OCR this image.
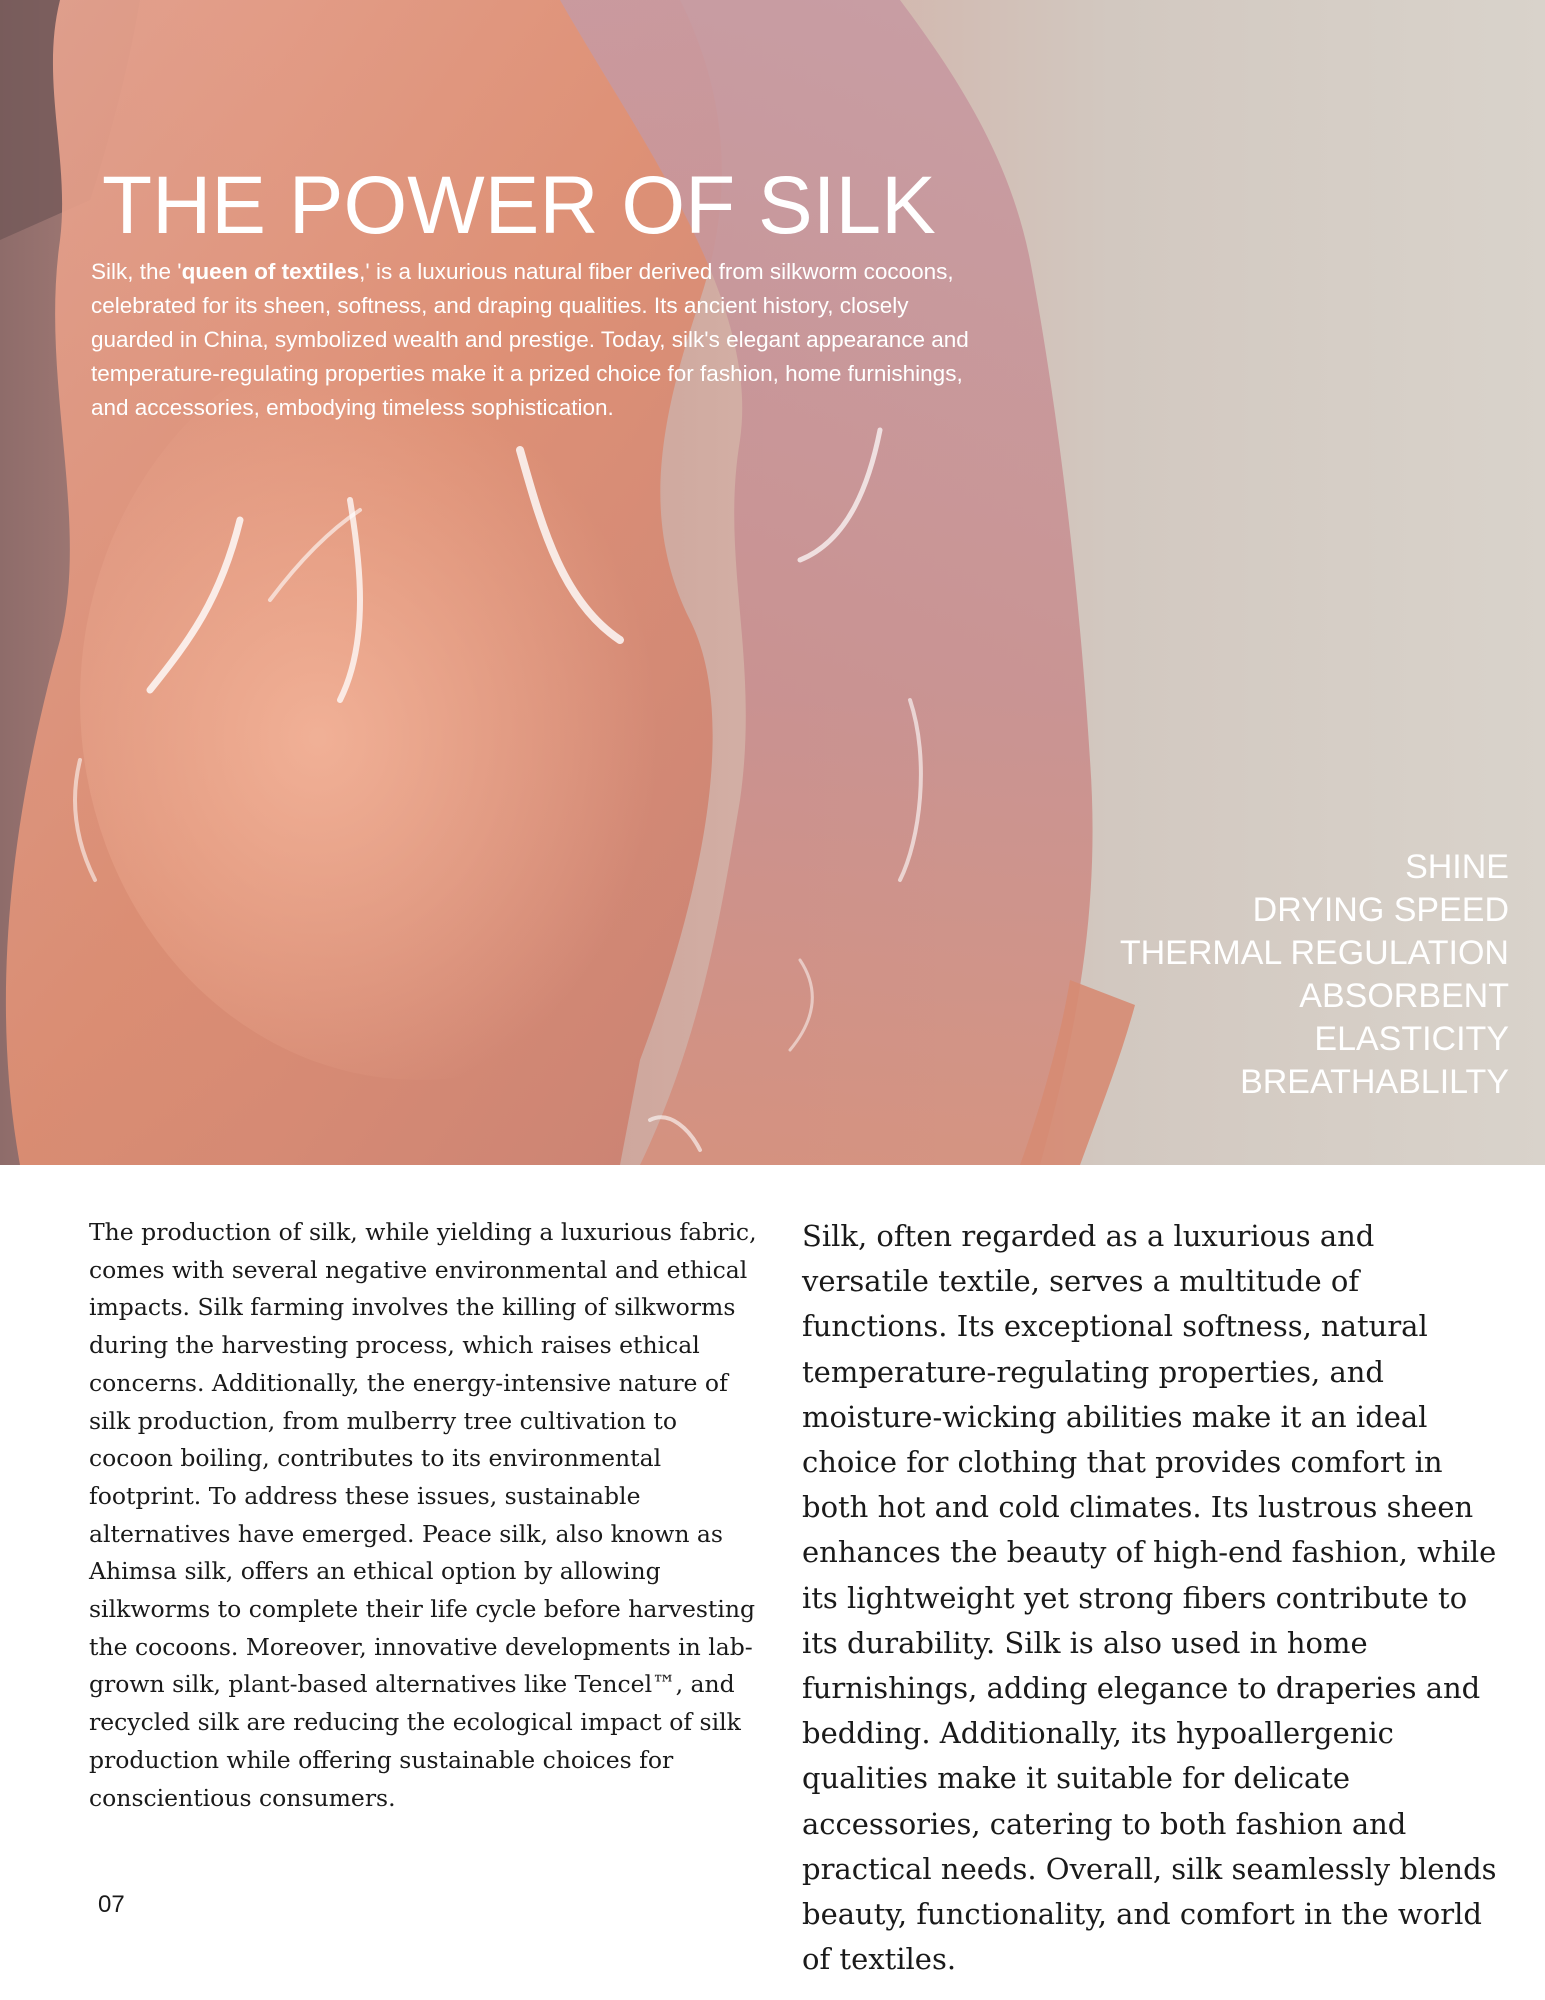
THE POWER OF SILK

Silk, the 'queen of textiles,' is a luxurious natural fiber derived from silkworm cocoons, celebrated for its sheen, softness, and draping qualities. Its ancient history, closely guarded in China, symbolized wealth and prestige. Today, silk's elegant appearance and temperature-regulating properties make it a prized choice for fashion, home furnishings, and accessories, embodying timeless sophistication.

SHINE
DRYING SPEED
THERMAL REGULATION
ABSORBENT
ELASTICITY
BREATHABLILTY

The production of silk, while yielding a luxurious fabric, comes with several negative environmental and ethical impacts. Silk farming involves the killing of silkworms during the harvesting process, which raises ethical concerns. Additionally, the energy-intensive nature of silk production, from mulberry tree cultivation to cocoon boiling, contributes to its environmental footprint. To address these issues, sustainable alternatives have emerged. Peace silk, also known as Ahimsa silk, offers an ethical option by allowing silkworms to complete their life cycle before harvesting the cocoons. Moreover, innovative developments in lab-grown silk, plant-based alternatives like Tencel™, and recycled silk are reducing the ecological impact of silk production while offering sustainable choices for conscientious consumers.

Silk, often regarded as a luxurious and versatile textile, serves a multitude of functions. Its exceptional softness, natural temperature-regulating properties, and moisture-wicking abilities make it an ideal choice for clothing that provides comfort in both hot and cold climates. Its lustrous sheen enhances the beauty of high-end fashion, while its lightweight yet strong fibers contribute to its durability. Silk is also used in home furnishings, adding elegance to draperies and bedding. Additionally, its hypoallergenic qualities make it suitable for delicate accessories, catering to both fashion and practical needs. Overall, silk seamlessly blends beauty, functionality, and comfort in the world of textiles.

07
